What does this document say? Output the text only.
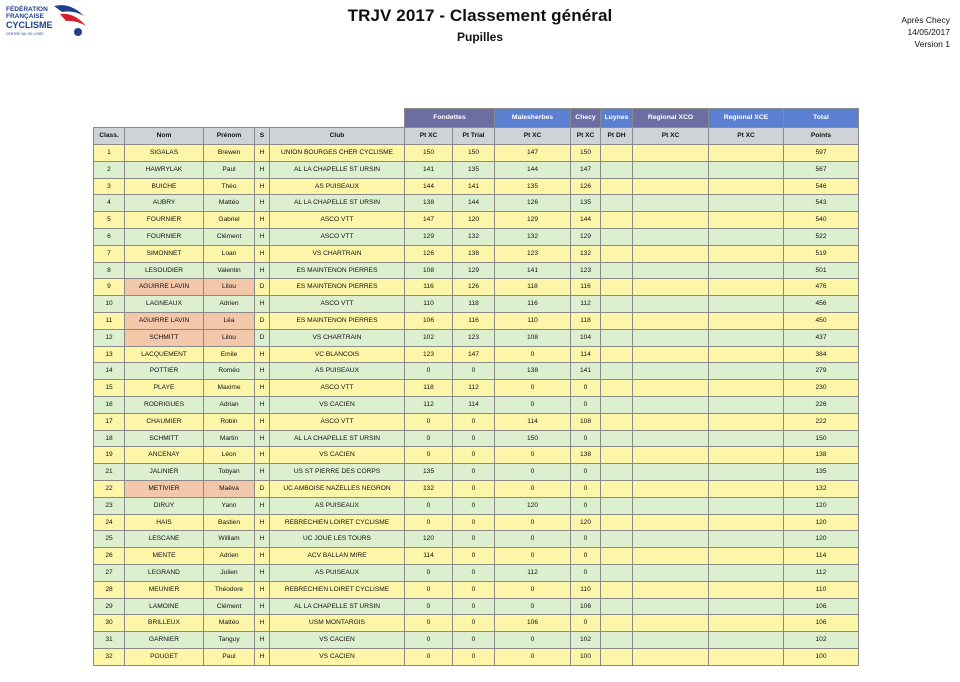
FÉDÉRATION
FRANÇAISE
CYCLISME
CENTRE VAL DE LOIRE
TRJV 2017 - Classement général
Pupilles
Après Checy
14/05/2017
Version 1
					Fondettes		Malesherbes	Checy	Luynes	Regional XCO	Regional XCE	Total
Class.	Nom	Prénom	S	Club	Pt XC	Pt Trial	Pt XC	Pt XC	Pt DH	Pt XC	Pt XC	Points
1	SIGALAS	Brewen	H	UNION BOURGES CHER CYCLISME	150	150	147	150				597
2	HAWRYLAK	Paul	H	AL LA CHAPELLE ST URSIN	141	135	144	147				567
3	BUICHE	Théo	H	AS PUISEAUX	144	141	135	126				546
4	AUBRY	Mattéo	H	AL LA CHAPELLE ST URSIN	138	144	126	135				543
5	FOURNIER	Gabriel	H	ASCO VTT	147	120	129	144				540
6	FOURNIER	Clément	H	ASCO VTT	129	132	132	129				522
7	SIMONNET	Loan	H	VS CHARTRAIN	126	138	123	132				519
8	LESOUDIER	Valentin	H	ES MAINTENON PIERRES	108	129	141	123				501
9	AGUIRRE LAVIN	Lilou	D	ES MAINTENON PIERRES	116	126	118	116				476
10	LAGNEAUX	Adrien	H	ASCO VTT	110	118	116	112				456
11	AGUIRRE LAVIN	Léa	D	ES MAINTENON PIERRES	106	116	110	118				450
12	SCHMITT	Lilou	D	VS CHARTRAIN	102	123	108	104				437
13	LACQUEMENT	Emile	H	VC BLANCOIS	123	147	0	114				384
14	POTTIER	Roméo	H	AS PUISEAUX	0	0	138	141				279
15	PLAYE	Maxime	H	ASCO VTT	118	112	0	0				230
16	RODRIGUES	Adrian	H	VS CACIEN	112	114	0	0				226
17	CHAUMIER	Robin	H	ASCO VTT	0	0	114	108				222
18	SCHMITT	Martin	H	AL LA CHAPELLE ST URSIN	0	0	150	0				150
19	ANCENAY	Léon	H	VS CACIEN	0	0	0	138				138
21	JALINIER	Tobyan	H	US ST PIERRE DES CORPS	135	0	0	0				135
22	METIVIER	Maëva	D	UC AMBOISE NAZELLES NEGRON	132	0	0	0				132
23	DIRUY	Yann	H	AS PUISEAUX	0	0	120	0				120
24	HAIS	Bastien	H	REBRECHIEN LOIRET CYCLISME	0	0	0	120				120
25	LESCANE	William	H	UC JOUE LES TOURS	120	0	0	0				120
26	MENTE	Adrien	H	ACV BALLAN MIRE	114	0	0	0				114
27	LEGRAND	Julien	H	AS PUISEAUX	0	0	112	0				112
28	MEUNIER	Théodore	H	REBRECHIEN LOIRET CYCLISME	0	0	0	110				110
29	LAMOINE	Clément	H	AL LA CHAPELLE ST URSIN	0	0	0	106				106
30	BRILLEUX	Mattéo	H	USM MONTARGIS	0	0	106	0				106
31	GARNIER	Tanguy	H	VS CACIEN	0	0	0	102				102
32	POUGET	Paul	H	VS CACIEN	0	0	0	100				100
